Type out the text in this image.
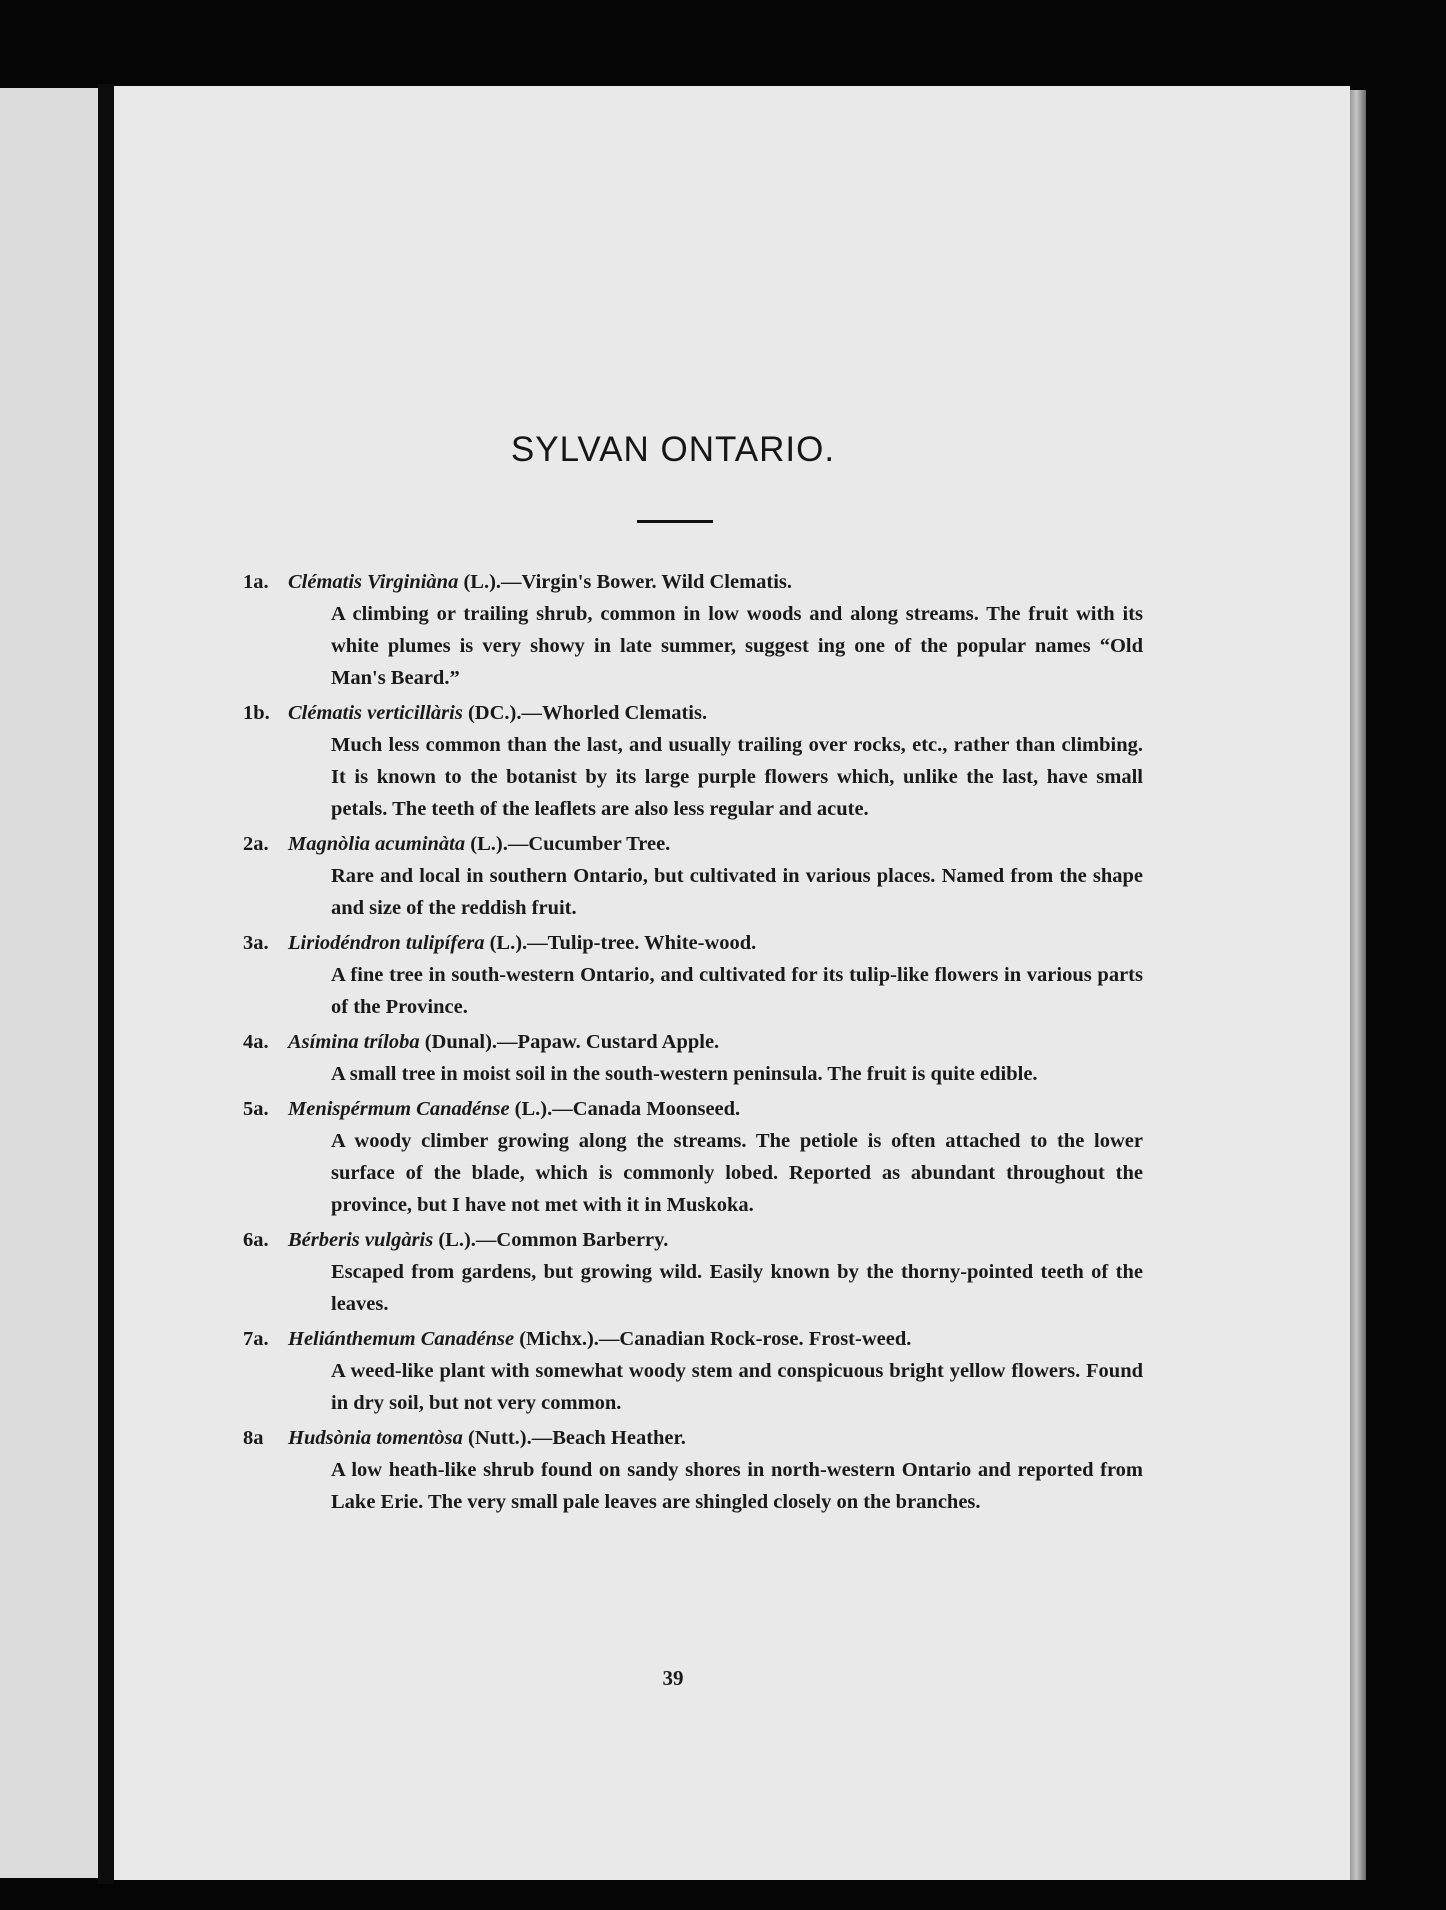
SYLVAN ONTARIO.
1a. Clématis Virginiàna (L.).—Virgin's Bower. Wild Clematis.
A climbing or trailing shrub, common in low woods and along streams. The fruit with its white plumes is very showy in late summer, suggest ing one of the popular names “Old Man's Beard.”
1b. Clématis verticillàris (DC.).—Whorled Clematis.
Much less common than the last, and usually trailing over rocks, etc., rather than climbing. It is known to the botanist by its large purple flowers which, unlike the last, have small petals. The teeth of the leaflets are also less regular and acute.
2a. Magnòlia acuminàta (L.).—Cucumber Tree.
Rare and local in southern Ontario, but cultivated in various places. Named from the shape and size of the reddish fruit.
3a. Liriodéndron tulipífera (L.).—Tulip-tree. White-wood.
A fine tree in south-western Ontario, and cultivated for its tulip-like flowers in various parts of the Province.
4a. Asímina tríloba (Dunal).—Papaw. Custard Apple.
A small tree in moist soil in the south-western peninsula. The fruit is quite edible.
5a. Menispérmum Canadénse (L.).—Canada Moonseed.
A woody climber growing along the streams. The petiole is often attached to the lower surface of the blade, which is commonly lobed. Reported as abundant throughout the province, but I have not met with it in Muskoka.
6a. Bérberis vulgàris (L.).—Common Barberry.
Escaped from gardens, but growing wild. Easily known by the thorny-pointed teeth of the leaves.
7a. Heliánthemum Canadénse (Michx.).—Canadian Rock-rose. Frost-weed.
A weed-like plant with somewhat woody stem and conspicuous bright yellow flowers. Found in dry soil, but not very common.
8a Hudsònia tomentòsa (Nutt.).—Beach Heather.
A low heath-like shrub found on sandy shores in north-western Ontario and reported from Lake Erie. The very small pale leaves are shingled closely on the branches.
39
